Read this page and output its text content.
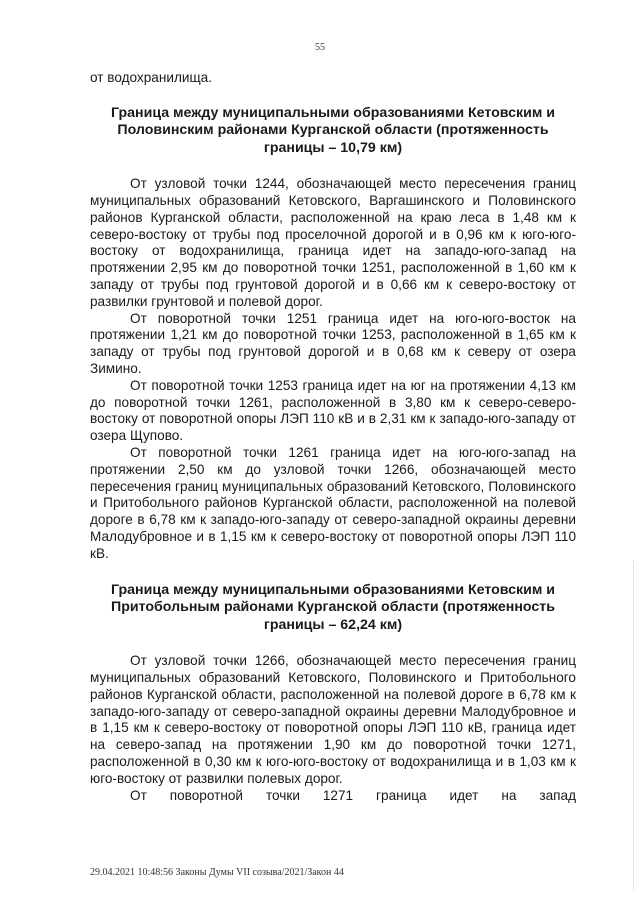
55

от водохранилища.

Граница между муниципальными образованиями Кетовским и Половинским районами Курганской области (протяженность границы – 10,79 км)

От узловой точки 1244, обозначающей место пересечения границ муниципальных образований Кетовского, Варгашинского и Половинского районов Курганской области, расположенной на краю леса в 1,48 км к северо-востоку от трубы под проселочной дорогой и в 0,96 км к юго-юго-востоку от водохранилища, граница идет на западо-юго-запад на протяжении 2,95 км до поворотной точки 1251, расположенной в 1,60 км к западу от трубы под грунтовой дорогой и в 0,66 км к северо-востоку от развилки грунтовой и полевой дорог.

От поворотной точки 1251 граница идет на юго-юго-восток на протяжении 1,21 км до поворотной точки 1253, расположенной в 1,65 км к западу от трубы под грунтовой дорогой и в 0,68 км к северу от озера Зимино.

От поворотной точки 1253 граница идет на юг на протяжении 4,13 км до поворотной точки 1261, расположенной в 3,80 км к северо-северо-востоку от поворотной опоры ЛЭП 110 кВ и в 2,31 км к западо-юго-западу от озера Щупово.

От поворотной точки 1261 граница идет на юго-юго-запад на протяжении 2,50 км до узловой точки 1266, обозначающей место пересечения границ муниципальных образований Кетовского, Половинского и Притобольного районов Курганской области, расположенной на полевой дороге в 6,78 км к западо-юго-западу от северо-западной окраины деревни Малодубровное и в 1,15 км к северо-востоку от поворотной опоры ЛЭП 110 кВ.

Граница между муниципальными образованиями Кетовским и Притобольным районами Курганской области (протяженность границы – 62,24 км)

От узловой точки 1266, обозначающей место пересечения границ муниципальных образований Кетовского, Половинского и Притобольного районов Курганской области, расположенной на полевой дороге в 6,78 км к западо-юго-западу от северо-западной окраины деревни Малодубровное и в 1,15 км к северо-востоку от поворотной опоры ЛЭП 110 кВ, граница идет на северо-запад на протяжении 1,90 км до поворотной точки 1271, расположенной в 0,30 км к юго-юго-востоку от водохранилища и в 1,03 км к юго-востоку от развилки полевых дорог.

От поворотной точки 1271 граница идет на запад

29.04.2021 10:48:56 Законы Думы VII созыва/2021/Закон 44
